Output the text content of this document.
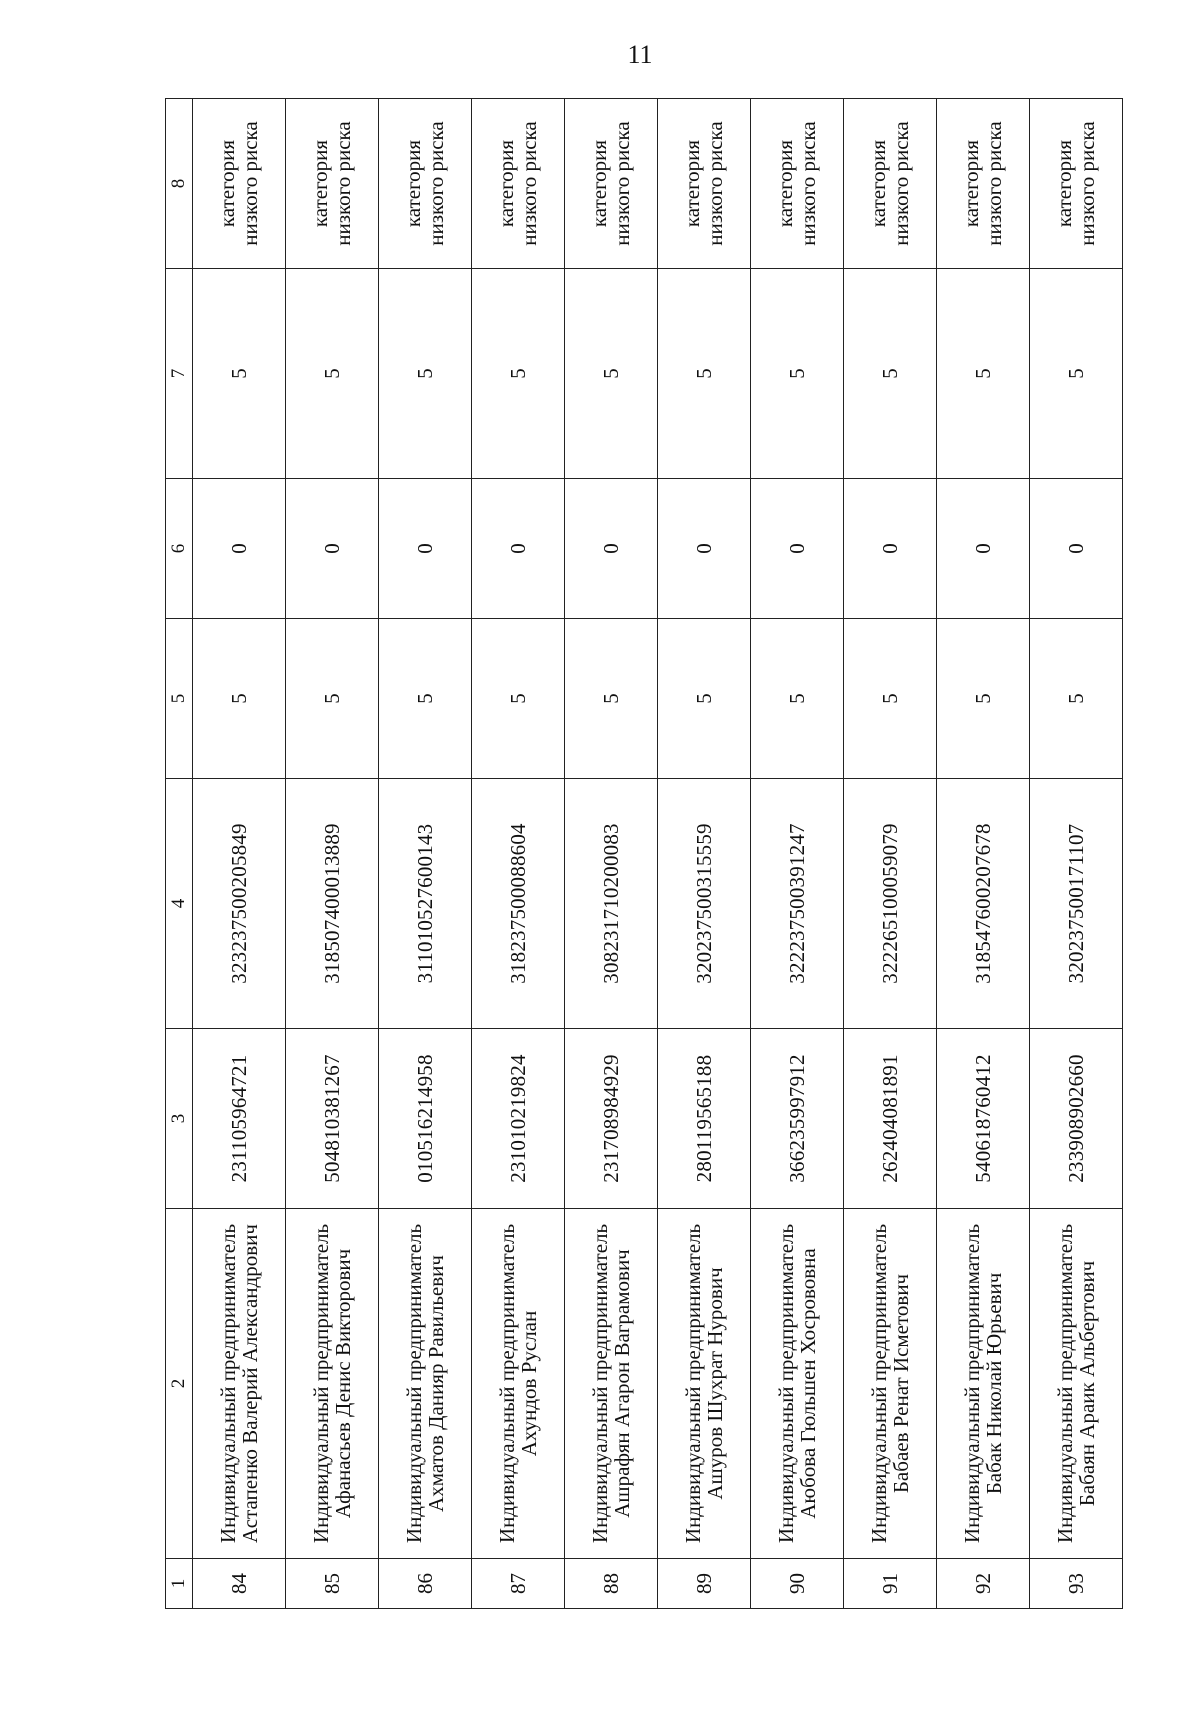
11
1	2	3	4	5	6	7	8
84	Индивидуальный предприниматель Астапенко Валерий Александрович	231105964721	323237500205849	5	0	5	категория низкого риска
85	Индивидуальный предприниматель Афанасьев Денис Викторович	504810381267	318507400013889	5	0	5	категория низкого риска
86	Индивидуальный предприниматель Ахматов Данияр Равильевич	010516214958	311010527600143	5	0	5	категория низкого риска
87	Индивидуальный предприниматель Ахундов Руслан	231010219824	318237500088604	5	0	5	категория низкого риска
88	Индивидуальный предприниматель Ашрафян Агарон Ваграмович	231708984929	308231710200083	5	0	5	категория низкого риска
89	Индивидуальный предприниматель Ашуров Шухрат Нурович	280119565188	320237500315559	5	0	5	категория низкого риска
90	Индивидуальный предприниматель Аюбова Гюльшен Хосрововна	366235997912	322237500391247	5	0	5	категория низкого риска
91	Индивидуальный предприниматель Бабаев Ренат Исметович	262404081891	322265100059079	5	0	5	категория низкого риска
92	Индивидуальный предприниматель Бабак Николай Юрьевич	540618760412	318547600207678	5	0	5	категория низкого риска
93	Индивидуальный предприниматель Бабаян Араик Альбертович	233908902660	320237500171107	5	0	5	категория низкого риска
